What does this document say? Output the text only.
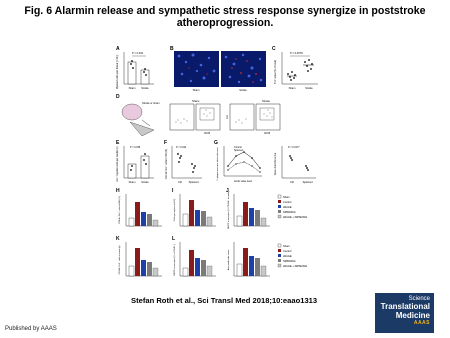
Fig. 6 Alarmin release and sympathetic stress response synergize in poststroke atheroprogression.
A
Myeloid cells per femur (×10⁶)
P = 0.032
Sham Stroke
B
Sham	Stroke
C
TH⁺ area (% of total)
P = 0.0078
Sham	Stroke
D
Stroke or sham
Sham	Stroke
CD45	CD45
Gr1
E
Gr1⁺ myeloid cells per carotid (n)	P = 0.036
Sham Stroke
F
CD11b⁺Gr1⁺ cells in BM (%)
P = 0.044
Ctrl	Splenect.
G
% plaque area per total valve area	Control
Splenect.
Aortic valve level
Area under the curve
P = 0.0177
Ctrl	Splenect.
H
CD11b⁺Gr1⁺ cells in BM (%)
I
Cells per spleen (×10⁶)
J
NMCF monocytes (% CD11b⁺ in aorta)	Sham
Control
sRAGE
SR59230A
sRAGE + SR59230A
K
CD11b⁺Gr1⁺ cells in aorta (n)
L
NMCF monocytes (% of CD45⁺)	Area under the curve
Sham
Control
sRAGE
SR59230A
sRAGE + SR59230A
Stefan Roth et al., Sci Transl Med 2018;10:eaao1313	Science
Translational
Medicine
AAAS
Published by AAAS
